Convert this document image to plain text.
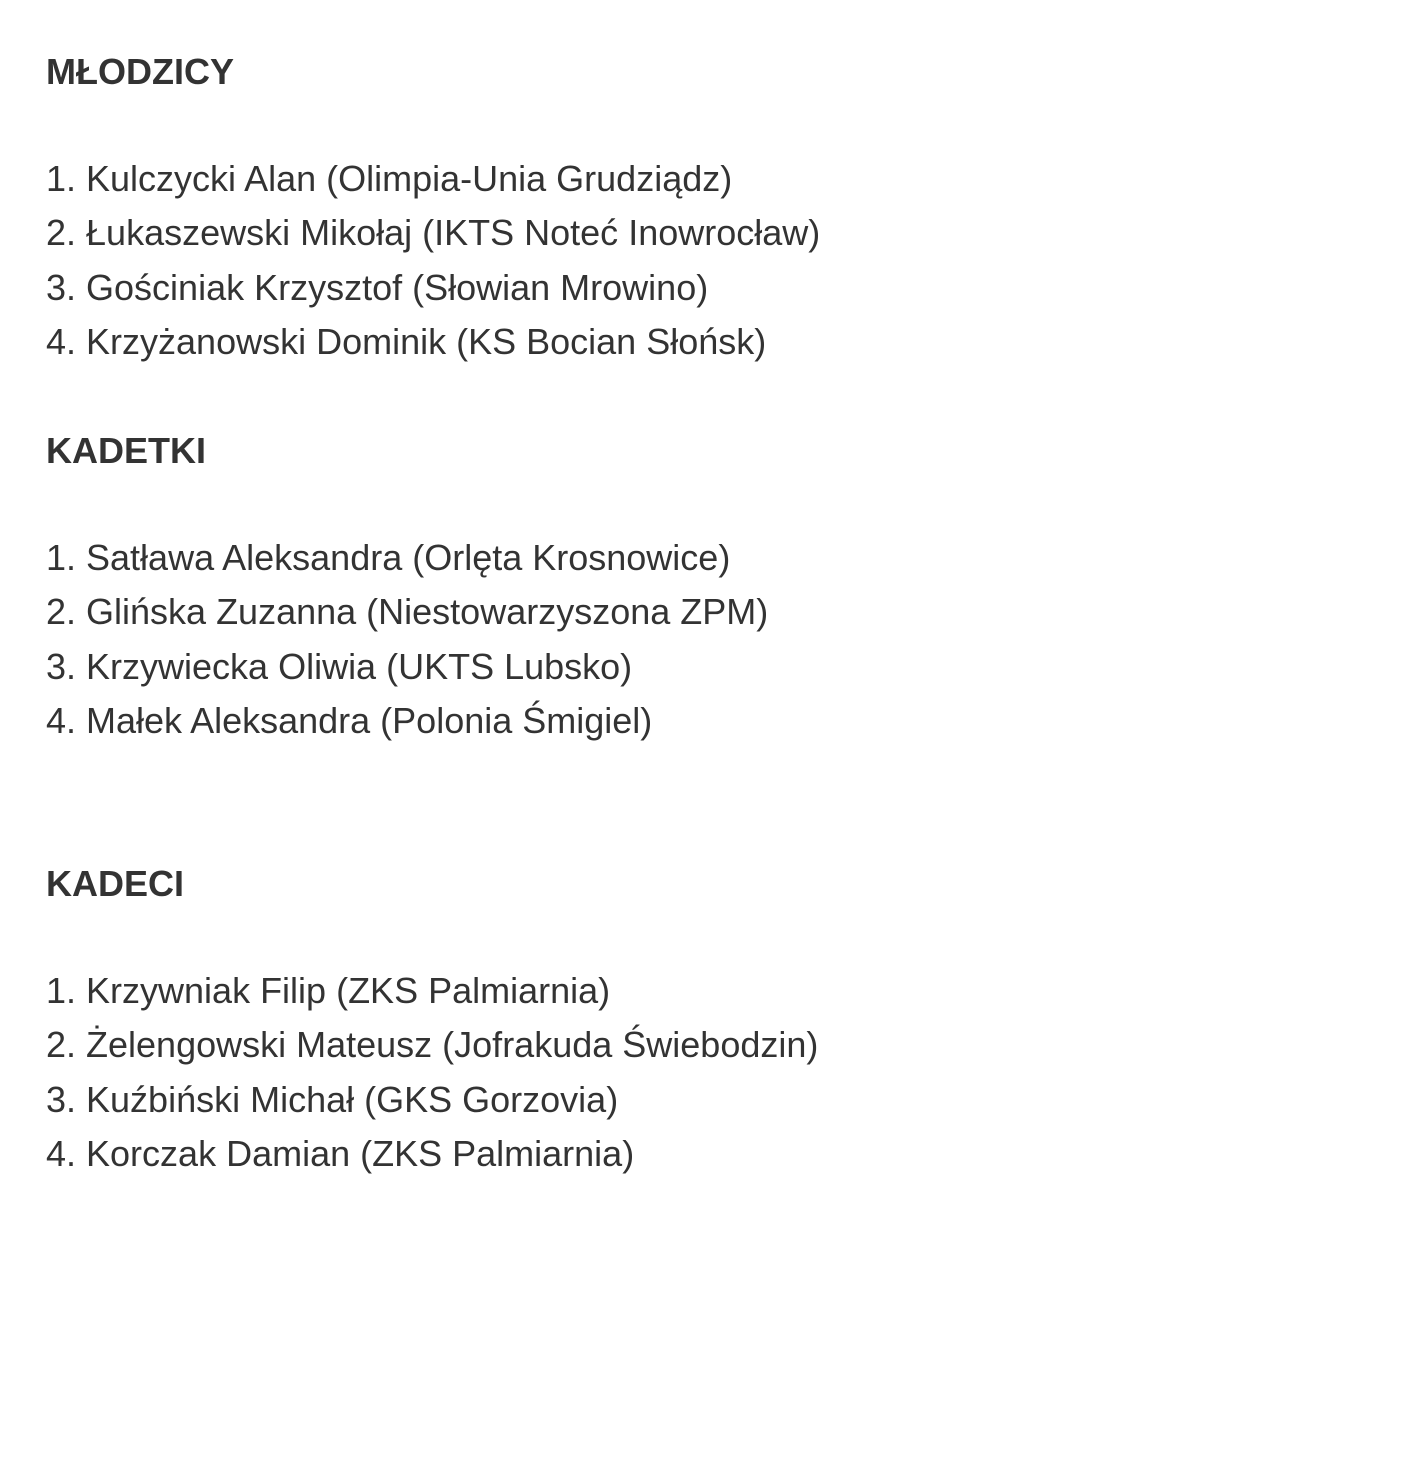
MŁODZICY
1. Kulczycki Alan (Olimpia-Unia Grudziądz)
2. Łukaszewski Mikołaj (IKTS Noteć Inowrocław)
3. Gościniak Krzysztof (Słowian Mrowino)
4. Krzyżanowski Dominik (KS Bocian Słońsk)
KADETKI
1. Satława Aleksandra (Orlęta Krosnowice)
2. Glińska Zuzanna (Niestowarzyszona ZPM)
3. Krzywiecka Oliwia (UKTS Lubsko)
4. Małek Aleksandra (Polonia Śmigiel)
KADECI
1. Krzywniak Filip (ZKS Palmiarnia)
2. Żelengowski Mateusz (Jofrakuda Świebodzin)
3. Kuźbiński Michał (GKS Gorzovia)
4. Korczak Damian (ZKS Palmiarnia)
